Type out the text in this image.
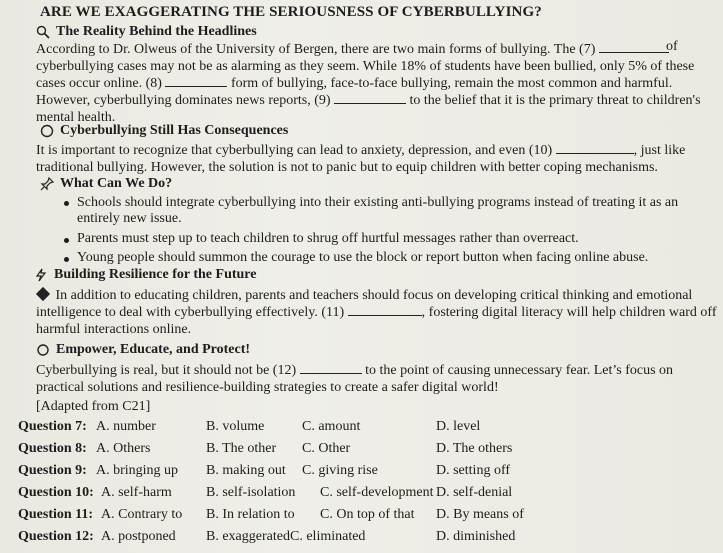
ARE WE EXAGGERATING THE SERIOUSNESS OF CYBERBULLYING?
The Reality Behind the Headlines
According to Dr. Olweus of the University of Bergen, there are two main forms of bullying. The (7)	of
cyberbullying cases may not be as alarming as they seem. While 18% of students have been bullied, only 5% of these
cases occur online. (8)	form of bullying, face-to-face bullying, remain the most common and harmful.
However, cyberbullying dominates news reports, (9)	to the belief that it is the primary threat to children's
mental health.
Cyberbullying Still Has Consequences
It is important to recognize that cyberbullying can lead to anxiety, depression, and even (10)	, just like
traditional bullying. However, the solution is not to panic but to equip children with better coping mechanisms.
What Can We Do?
Schools should integrate cyberbullying into their existing anti-bullying programs instead of treating it as an
entirely new issue.
Parents must step up to teach children to shrug off hurtful messages rather than overreact.
Young people should summon the courage to use the block or report button when facing online abuse.
Building Resilience for the Future
In addition to educating children, parents and teachers should focus on developing critical thinking and emotional
intelligence to deal with cyberbullying effectively. (11)	, fostering digital literacy will help children ward off
harmful interactions online.
Empower, Educate, and Protect!
Cyberbullying is real, but it should not be (12)	to the point of causing unnecessary fear. Let’s focus on
practical solutions and resilience-building strategies to create a safer digital world!
[Adapted from C21]
Question 7: A. number	B. volume	C. amount	D. level
Question 8: A. Others	B. The other C. Other	D. The others
Question 9: A. bringing up B. making out C. giving rise	D. setting off
Question 10: A. self-harm B. self-isolation C. self-development D. self-denial
Question 11: A. Contrary to B. In relation to C. On top of that D. By means of
Question 12: A. postponed B. exaggerated C. eliminated	D. diminished
